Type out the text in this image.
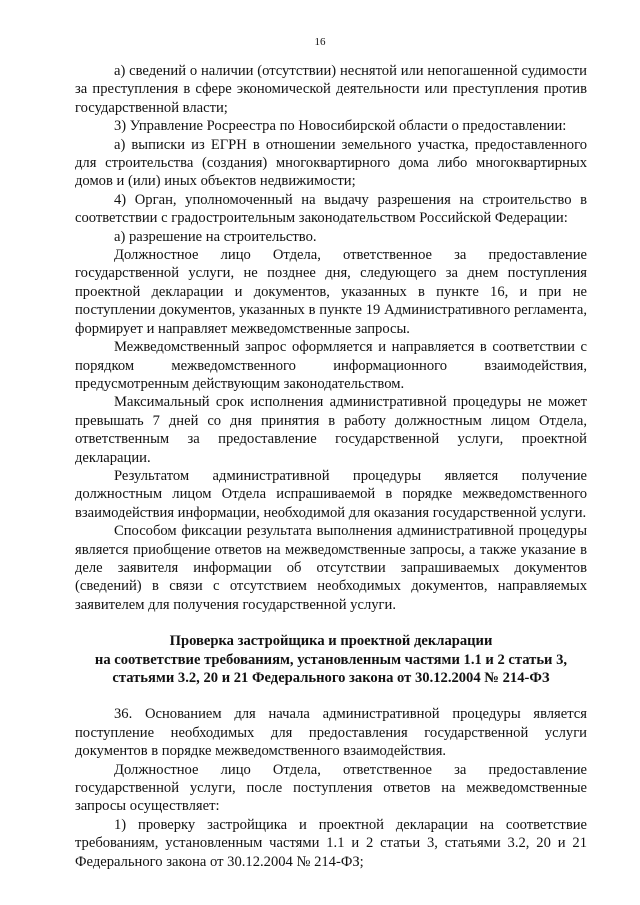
16

а) сведений о наличии (отсутствии) неснятой или непогашенной судимости за преступления в сфере экономической деятельности или преступления против государственной власти;

3) Управление Росреестра по Новосибирской области о предоставлении:

а) выписки из ЕГРН в отношении земельного участка, предоставленного для строительства (создания) многоквартирного дома либо многоквартирных домов и (или) иных объектов недвижимости;

4) Орган, уполномоченный на выдачу разрешения на строительство в соответствии с градостроительным законодательством Российской Федерации:

а) разрешение на строительство.

Должностное лицо Отдела, ответственное за предоставление государственной услуги, не позднее дня, следующего за днем поступления проектной декларации и документов, указанных в пункте 16, и при не поступлении документов, указанных в пункте 19 Административного регламента, формирует и направляет межведомственные запросы.

Межведомственный запрос оформляется и направляется в соответствии с порядком межведомственного информационного взаимодействия, предусмотренным действующим законодательством.

Максимальный срок исполнения административной процедуры не может превышать 7 дней со дня принятия в работу должностным лицом Отдела, ответственным за предоставление государственной услуги, проектной декларации.

Результатом административной процедуры является получение должностным лицом Отдела испрашиваемой в порядке межведомственного взаимодействия информации, необходимой для оказания государственной услуги.

Способом фиксации результата выполнения административной процедуры является приобщение ответов на межведомственные запросы, а также указание в деле заявителя информации об отсутствии запрашиваемых документов (сведений) в связи с отсутствием необходимых документов, направляемых заявителем для получения государственной услуги.

Проверка застройщика и проектной декларации
на соответствие требованиям, установленным частями 1.1 и 2 статьи 3,
статьями 3.2, 20 и 21 Федерального закона от 30.12.2004 № 214-ФЗ

36. Основанием для начала административной процедуры является поступление необходимых для предоставления государственной услуги документов в порядке межведомственного взаимодействия.

Должностное лицо Отдела, ответственное за предоставление государственной услуги, после поступления ответов на межведомственные запросы осуществляет:

1) проверку застройщика и проектной декларации на соответствие требованиям, установленным частями 1.1 и 2 статьи 3, статьями 3.2, 20 и 21 Федерального закона от 30.12.2004 № 214-ФЗ;
